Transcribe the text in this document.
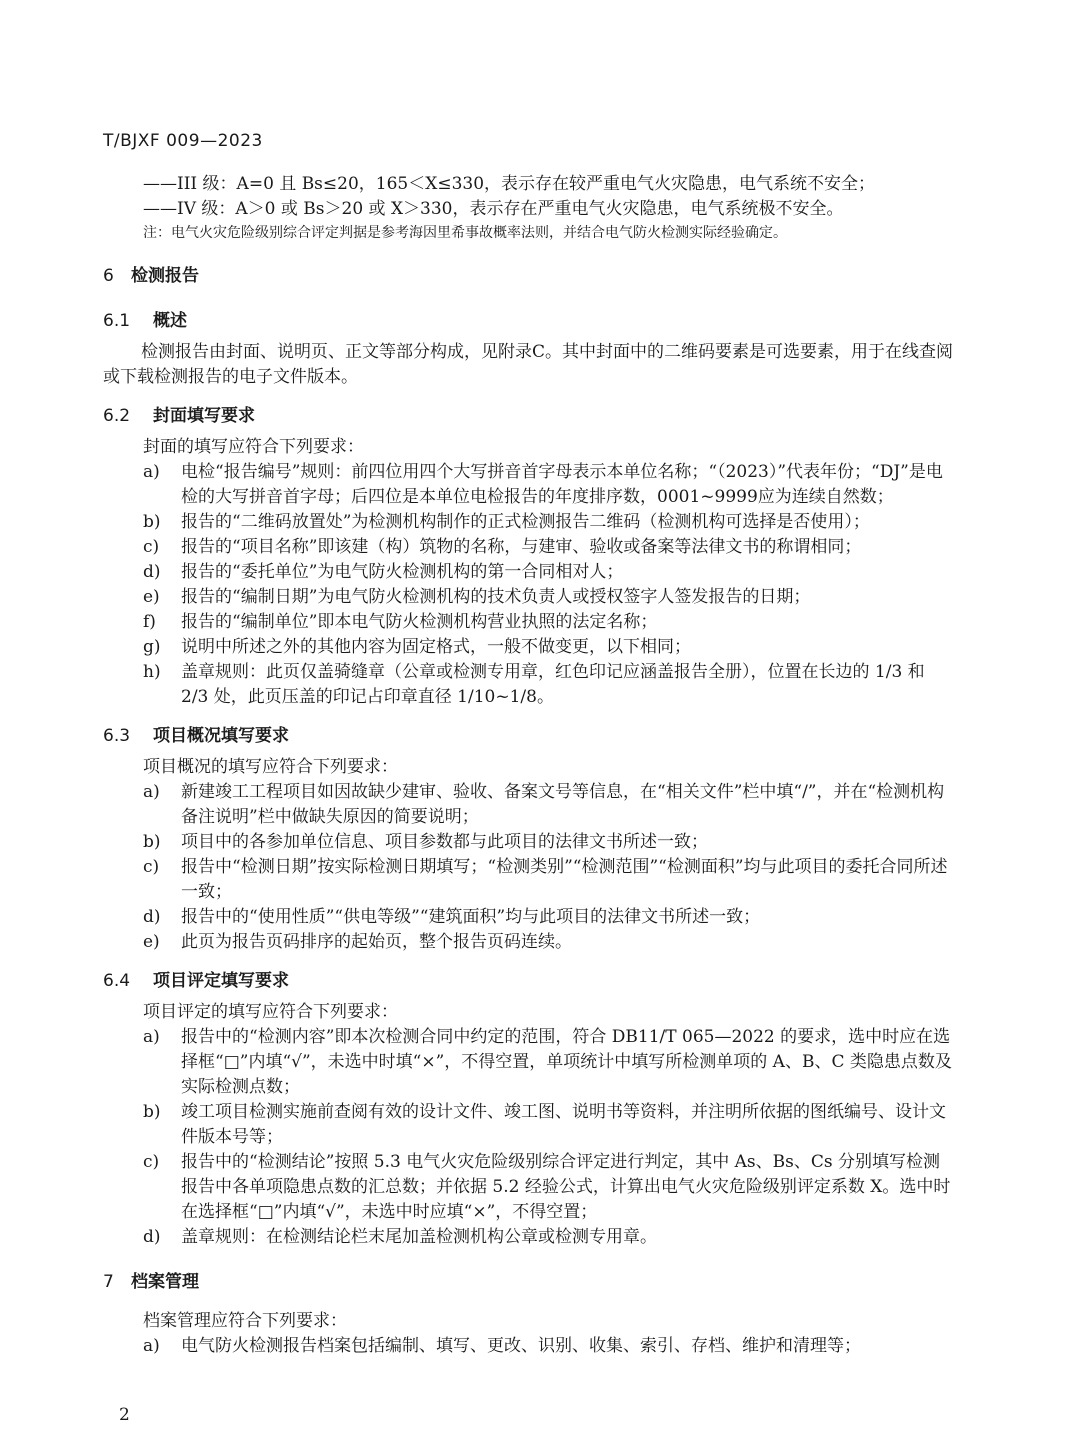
T/BJXF 009—2023
——III 级：A=0 且 Bs≤20，165＜X≤330，表示存在较严重电气火灾隐患，电气系统不安全；
——IV 级：A＞0 或 Bs＞20 或 X＞330，表示存在严重电气火灾隐患，电气系统极不安全。
注：电气火灾危险级别综合评定判据是参考海因里希事故概率法则，并结合电气防火检测实际经验确定。
6 检测报告
6.1 概述
检测报告由封面、说明页、正文等部分构成，见附录C。其中封面中的二维码要素是可选要素，用于在线查阅或下载检测报告的电子文件版本。
6.2 封面填写要求
封面的填写应符合下列要求：
a)	电检“报告编号”规则：前四位用四个大写拼音首字母表示本单位名称；“（2023）”代表年份；“DJ”是电检的大写拼音首字母；后四位是本单位电检报告的年度排序数，0001~9999应为连续自然数；
b)	报告的“二维码放置处”为检测机构制作的正式检测报告二维码（检测机构可选择是否使用）；
c)	报告的“项目名称”即该建（构）筑物的名称，与建审、验收或备案等法律文书的称谓相同；
d)	报告的“委托单位”为电气防火检测机构的第一合同相对人；
e)	报告的“编制日期”为电气防火检测机构的技术负责人或授权签字人签发报告的日期；
f)	报告的“编制单位”即本电气防火检测机构营业执照的法定名称；
g)	说明中所述之外的其他内容为固定格式，一般不做变更，以下相同；
h)	盖章规则：此页仅盖骑缝章（公章或检测专用章，红色印记应涵盖报告全册），位置在长边的 1/3 和 2/3 处，此页压盖的印记占印章直径 1/10~1/8。
6.3 项目概况填写要求
项目概况的填写应符合下列要求：
a)	新建竣工工程项目如因故缺少建审、验收、备案文号等信息，在“相关文件”栏中填“/”，并在“检测机构备注说明”栏中做缺失原因的简要说明；
b)	项目中的各参加单位信息、项目参数都与此项目的法律文书所述一致；
c)	报告中“检测日期”按实际检测日期填写；“检测类别”“检测范围”“检测面积”均与此项目的委托合同所述一致；
d)	报告中的“使用性质”“供电等级”“建筑面积”均与此项目的法律文书所述一致；
e)	此页为报告页码排序的起始页，整个报告页码连续。
6.4 项目评定填写要求
项目评定的填写应符合下列要求：
a)	报告中的“检测内容”即本次检测合同中约定的范围，符合 DB11/T 065—2022 的要求，选中时应在选择框“□”内填“√”，未选中时填“×”，不得空置，单项统计中填写所检测单项的 A、B、C 类隐患点数及实际检测点数；
b)	竣工项目检测实施前查阅有效的设计文件、竣工图、说明书等资料，并注明所依据的图纸编号、设计文件版本号等；
c)	报告中的“检测结论”按照 5.3 电气火灾危险级别综合评定进行判定，其中 As、Bs、Cs 分别填写检测报告中各单项隐患点数的汇总数；并依据 5.2 经验公式，计算出电气火灾危险级别评定系数 X。选中时在选择框“□”内填“√”，未选中时应填“×”，不得空置；
d)	盖章规则：在检测结论栏末尾加盖检测机构公章或检测专用章。
7 档案管理
档案管理应符合下列要求：
a)	电气防火检测报告档案包括编制、填写、更改、识别、收集、索引、存档、维护和清理等；
2
